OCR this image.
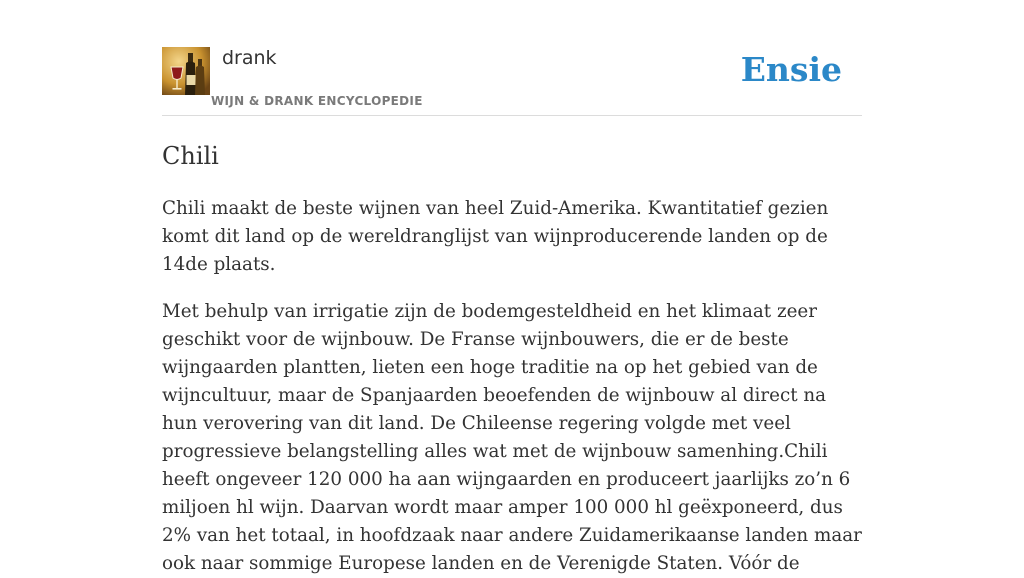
drank
WIJN & DRANK ENCYCLOPEDIE
Ensie
Chili

Chili maakt de beste wijnen van heel Zuid-Amerika. Kwantitatief gezien komt dit land op de wereldranglijst van wijnproducerende landen op de 14de plaats.

Met behulp van irrigatie zijn de bodemgesteldheid en het klimaat zeer geschikt voor de wijnbouw. De Franse wijnbouwers, die er de beste wijngaarden plantten, lieten een hoge traditie na op het gebied van de wijncultuur, maar de Spanjaarden beoefenden de wijnbouw al direct na hun verovering van dit land. De Chileense regering volgde met veel progressieve belangstelling alles wat met de wijnbouw samenhing.Chili heeft ongeveer 120 000 ha aan wijngaarden en produceert jaarlijks zo’n 6 miljoen hl wijn. Daarvan wordt maar amper 100 000 hl geëxponeerd, dus 2% van het totaal, in hoofdzaak naar andere Zuidamerikaanse landen maar ook naar sommige Europese landen en de Verenigde Staten. Vóór de
